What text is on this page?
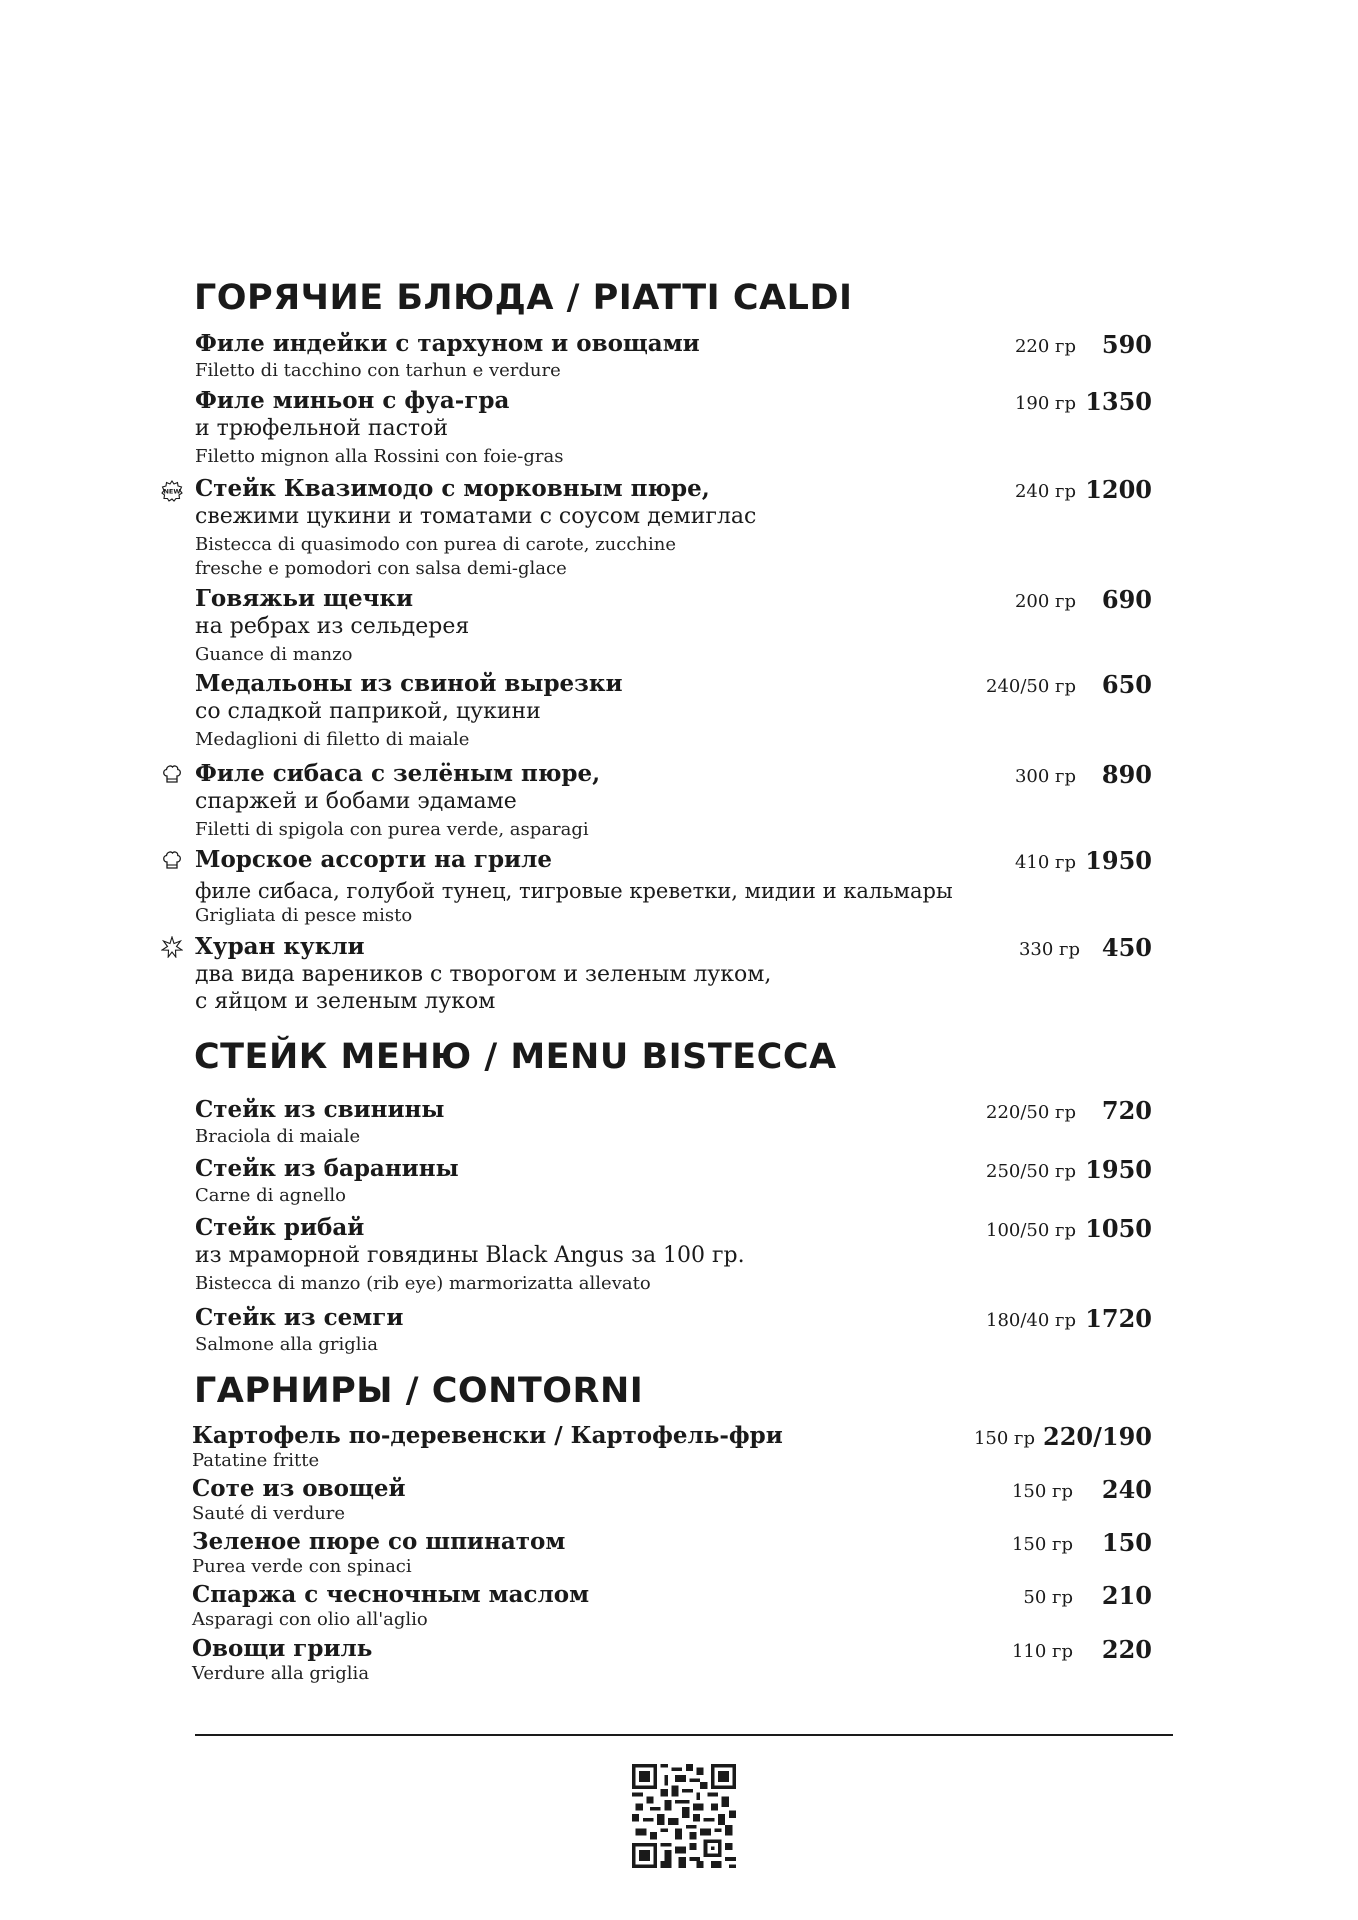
ГОРЯЧИЕ БЛЮДА / PIATTI CALDI
Филе индейки с тархуном и овощами
Filetto di tacchino con tarhun e verdure
220 гр 590
Филе миньон с фуа-гра
и трюфельной пастой
Filetto mignon alla Rossini con foie-gras
190 гр 1350
NEW Стейк Квазимодо с морковным пюре,
свежими цукини и томатами с соусом демиглас
Bistecca di quasimodo con purea di carote, zucchine
fresche e pomodori con salsa demi-glace
240 гр 1200
Говяжьи щечки
на ребрах из сельдерея
Guance di manzo
200 гр 690
Медальоны из свиной вырезки
со сладкой паприкой, цукини
Medaglioni di filetto di maiale
240/50 гр 650
Филе сибаса с зелёным пюре,
спаржей и бобами эдамаме
Filetti di spigola con purea verde, asparagi
300 гр 890
Морское ассорти на гриле
филе сибаса, голубой тунец, тигровые креветки, мидии и кальмары
Grigliata di pesce misto
410 гр 1950
Хуран кукли
два вида вареников с творогом и зеленым луком,
с яйцом и зеленым луком
330 гр 450
СТЕЙК МЕНЮ / MENU BISTECCA
Стейк из свинины
Braciola di maiale
220/50 гр 720
Стейк из баранины
Carne di agnello
250/50 гр 1950
Стейк рибай
из мраморной говядины Black Angus за 100 гр.
Bistecca di manzo (rib eye) marmorizatta allevato
100/50 гр 1050
Стейк из семги
Salmone alla griglia
180/40 гр 1720
ГАРНИРЫ / CONTORNI
Картофель по-деревенски / Картофель-фри
Patatine fritte
150 гр 220/190
Соте из овощей
Sauté di verdure
150 гр 240
Зеленое пюре со шпинатом
Purea verde con spinaci
150 гр 150
Спаржа с чесночным маслом
Asparagi con olio all'aglio
50 гр 210
Овощи гриль
Verdure alla griglia
110 гр 220
